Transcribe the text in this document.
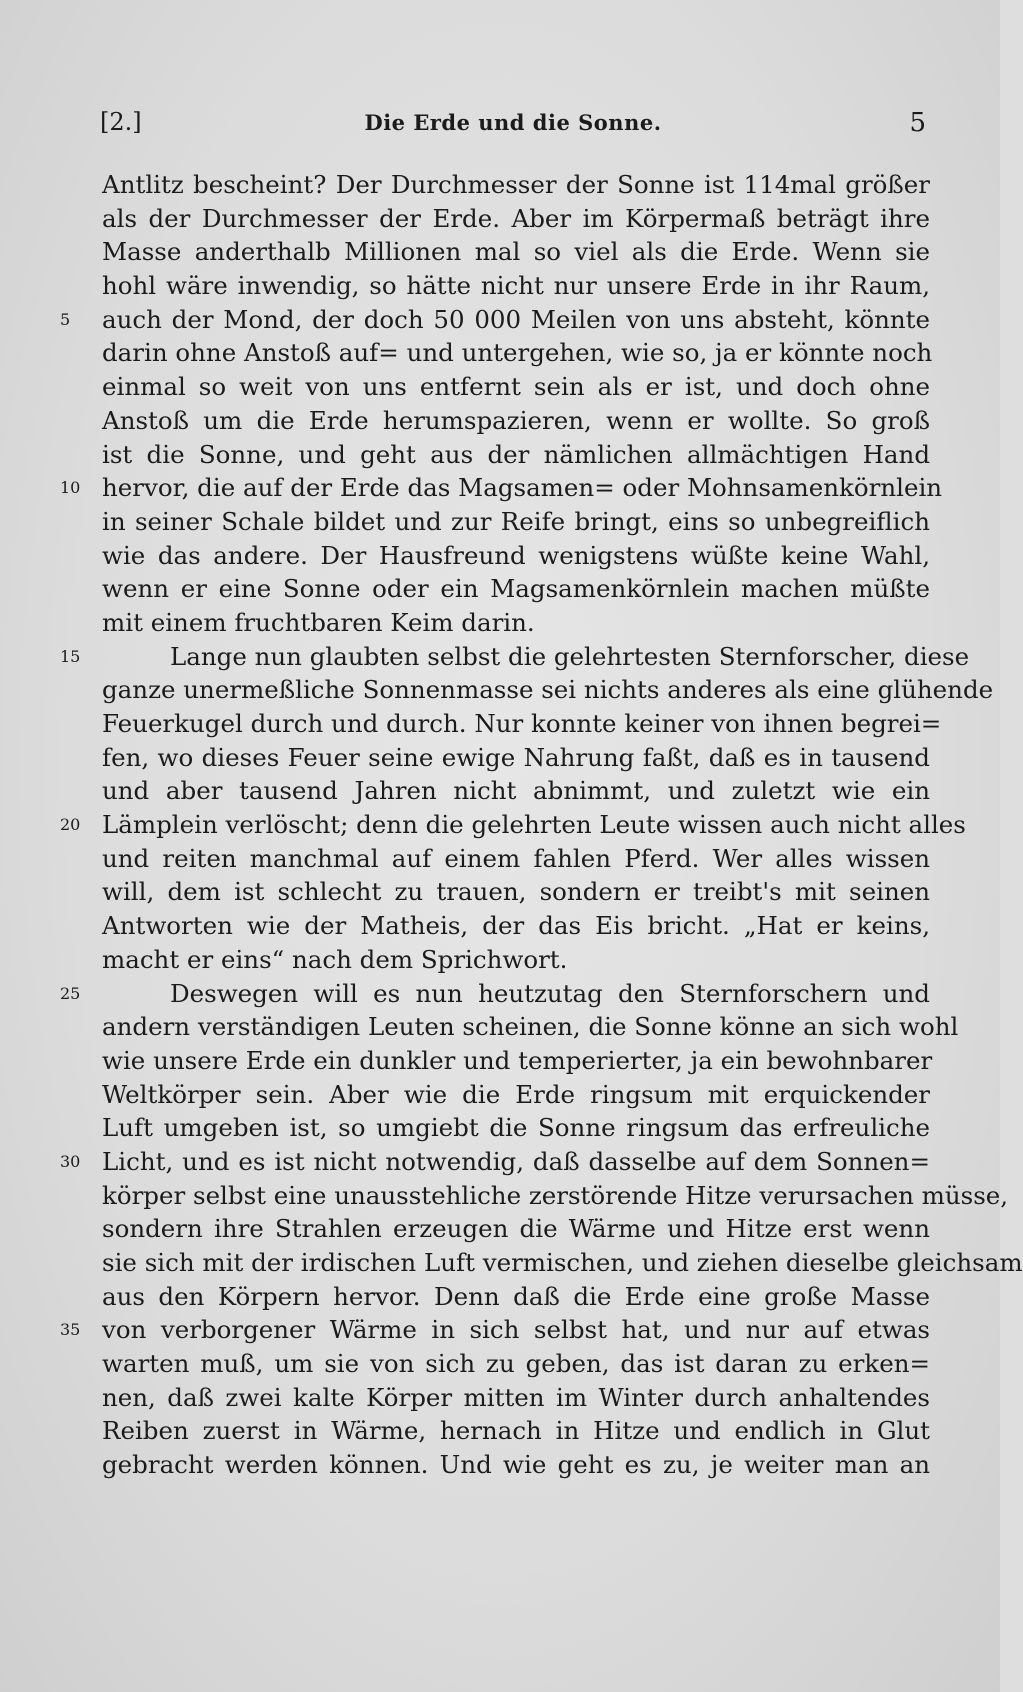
[2.]	Die Erde und die Sonne.	5
Antlitz bescheint? Der Durchmesser der Sonne ist 114mal größer
als der Durchmesser der Erde. Aber im Körpermaß beträgt ihre
Masse anderthalb Millionen mal so viel als die Erde. Wenn sie
hohl wäre inwendig, so hätte nicht nur unsere Erde in ihr Raum,
5	auch der Mond, der doch 50 000 Meilen von uns absteht, könnte
darin ohne Anstoß auf= und untergehen, wie so, ja er könnte noch
einmal so weit von uns entfernt sein als er ist, und doch ohne
Anstoß um die Erde herumspazieren, wenn er wollte. So groß
ist die Sonne, und geht aus der nämlichen allmächtigen Hand
10 hervor, die auf der Erde das Magsamen= oder Mohnsamenkörnlein
in seiner Schale bildet und zur Reife bringt, eins so unbegreiflich
wie das andere. Der Hausfreund wenigstens wüßte keine Wahl,
wenn er eine Sonne oder ein Magsamenkörnlein machen müßte
mit einem fruchtbaren Keim darin.
15	Lange nun glaubten selbst die gelehrtesten Sternforscher, diese
ganze unermeßliche Sonnenmasse sei nichts anderes als eine glühende
Feuerkugel durch und durch. Nur konnte keiner von ihnen begrei=
fen, wo dieses Feuer seine ewige Nahrung faßt, daß es in tausend
und aber tausend Jahren nicht abnimmt, und zuletzt wie ein
20 Lämplein verlöscht; denn die gelehrten Leute wissen auch nicht alles
und reiten manchmal auf einem fahlen Pferd. Wer alles wissen
will, dem ist schlecht zu trauen, sondern er treibt's mit seinen
Antworten wie der Matheis, der das Eis bricht. „Hat er keins,
macht er eins“ nach dem Sprichwort.
25	Deswegen will es nun heutzutag den Sternforschern und
andern verständigen Leuten scheinen, die Sonne könne an sich wohl
wie unsere Erde ein dunkler und temperierter, ja ein bewohnbarer
Weltkörper sein. Aber wie die Erde ringsum mit erquickender
Luft umgeben ist, so umgiebt die Sonne ringsum das erfreuliche
30 Licht, und es ist nicht notwendig, daß dasselbe auf dem Sonnen=
körper selbst eine unausstehliche zerstörende Hitze verursachen müsse,
sondern ihre Strahlen erzeugen die Wärme und Hitze erst wenn
sie sich mit der irdischen Luft vermischen, und ziehen dieselbe gleichsam
aus den Körpern hervor. Denn daß die Erde eine große Masse
35 von verborgener Wärme in sich selbst hat, und nur auf etwas
warten muß, um sie von sich zu geben, das ist daran zu erken=
nen, daß zwei kalte Körper mitten im Winter durch anhaltendes
Reiben zuerst in Wärme, hernach in Hitze und endlich in Glut
gebracht werden können. Und wie geht es zu, je weiter man an
